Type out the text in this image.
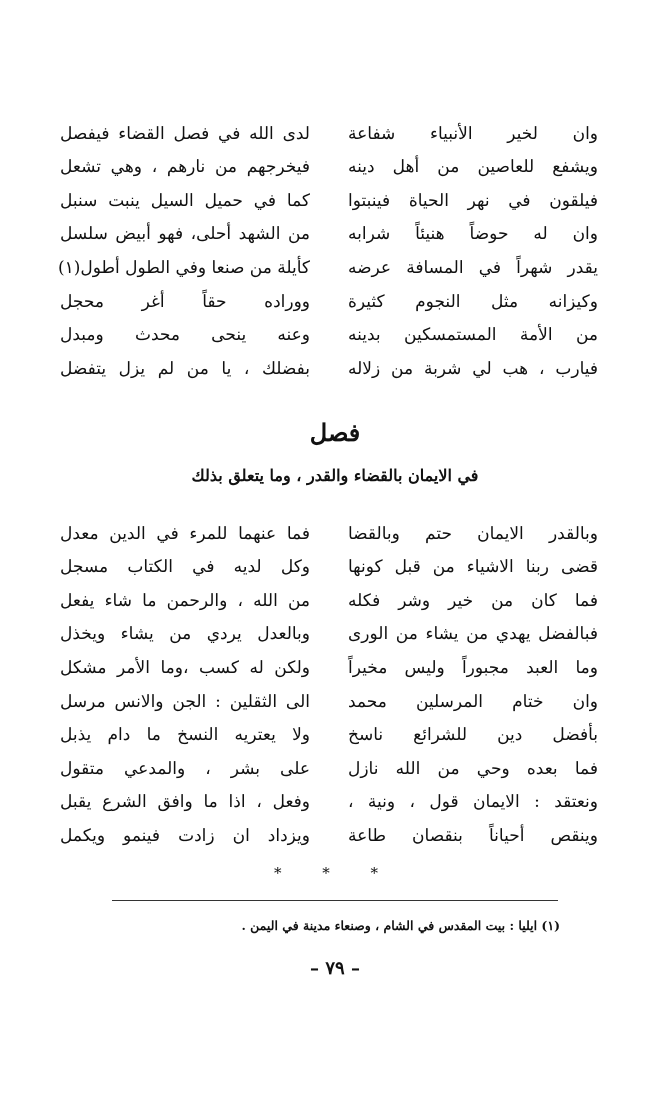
وان لخير الأنبياء شفاعة
لدى الله في فصل القضاء فيفصل
ويشفع للعاصين من أهل دينه
فيخرجهم من نارهم ، وهي تشعل
فيلقون في نهر الحياة فينبتوا
كما في حميل السيل ينبت سنبل
وان له حوضاً هنيئاً شرابه
من الشهد أحلى، فهو أبيض سلسل
يقدر شهراً في المسافة عرضه
كأيلة من صنعا وفي الطول أطول(١)
وكيزانه مثل النجوم كثيرة
ووراده حقاً أغر محجل
من الأمة المستمسكين بدينه
وعنه ينحى محدث ومبدل
فيارب ، هب لي شربة من زلاله
بفضلك ، يا من لم يزل يتفضل
فصل
في الايمان بالقضاء والقدر ، وما يتعلق بذلك
وبالقدر الايمان حتم وبالقضا
فما عنهما للمرء في الدين معدل
قضى ربنا الاشياء من قبل كونها
وكل لديه في الكتاب مسجل
فما كان من خير وشر فكله
من الله ، والرحمن ما شاء يفعل
فبالفضل يهدي من يشاء من الورى
وبالعدل يردي من يشاء ويخذل
وما العبد مجبوراً وليس مخيراً
ولكن له كسب ،وما الأمر مشكل
وان ختام المرسلين محمد
الى الثقلين : الجن والانس مرسل
بأفضل دين للشرائع ناسخ
ولا يعتريه النسخ ما دام يذبل
فما بعده وحي من الله نازل
على بشر ، والمدعي متقول
ونعتقد : الايمان قول ، ونية ،
وفعل ، اذا ما وافق الشرع يقبل
وينقص أحياناً بنقصان طاعة
ويزداد ان زادت فينمو ويكمل
* * *
(١) ايليا : بيت المقدس في الشام ، وصنعاء مدينة في اليمن .
– ٧٩ –
